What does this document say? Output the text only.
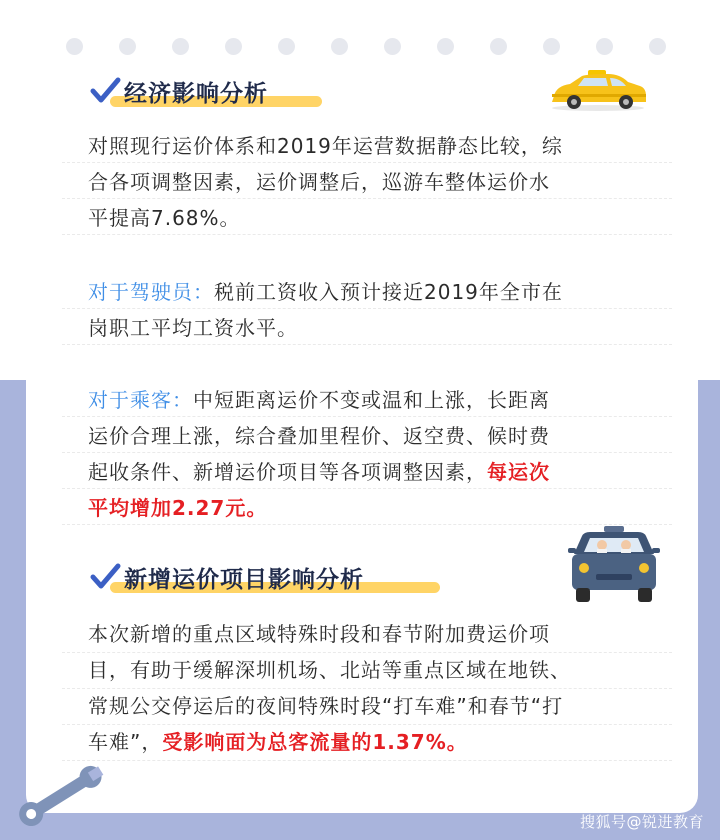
经济影响分析
对照现行运价体系和2019年运营数据静态比较，综
合各项调整因素，运价调整后，巡游车整体运价水
平提高7.68%。
对于驾驶员：税前工资收入预计接近2019年全市在
岗职工平均工资水平。
对于乘客：中短距离运价不变或温和上涨，长距离
运价合理上涨，综合叠加里程价、返空费、候时费
起收条件、新增运价项目等各项调整因素，每运次
平均增加2.27元。
新增运价项目影响分析
本次新增的重点区域特殊时段和春节附加费运价项
目，有助于缓解深圳机场、北站等重点区域在地铁、
常规公交停运后的夜间特殊时段“打车难”和春节“打
车难”，受影响面为总客流量的1.37%。
搜狐号@锐进教育
